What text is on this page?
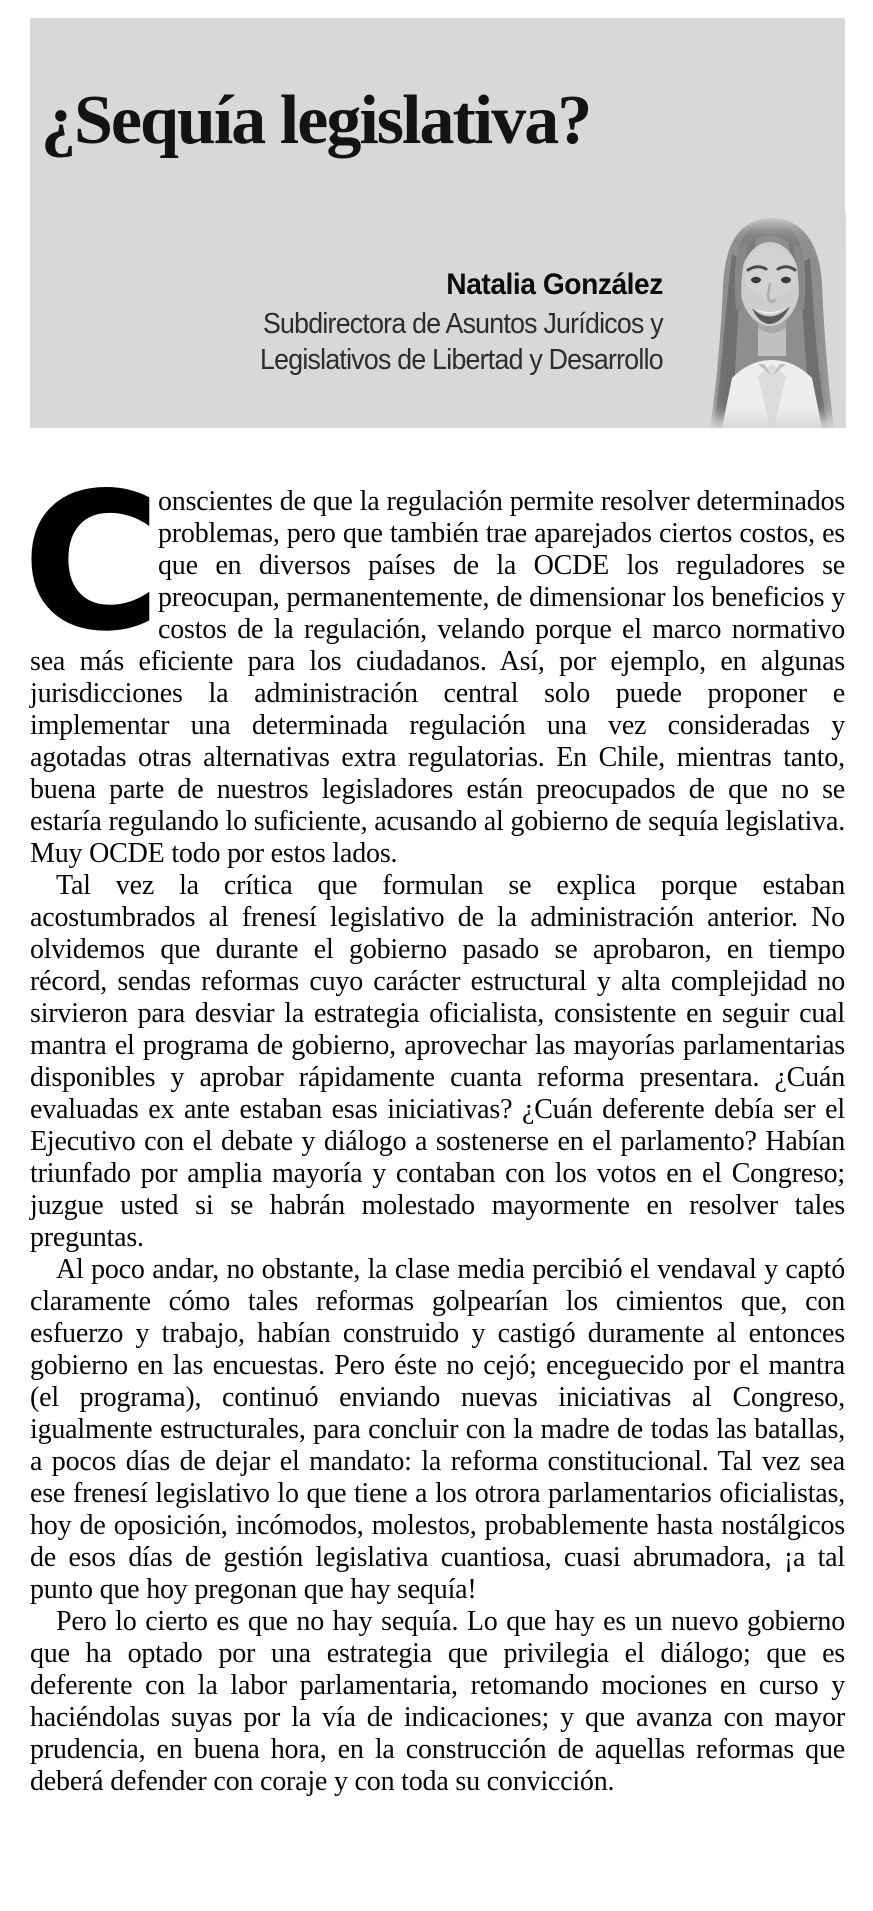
¿Sequía legislativa?
Natalia González
Subdirectora de Asuntos Jurídicos y
Legislativos de Libertad y Desarrollo

C
onscientes de que la regulación permite resolver determinados problemas, pero que también trae aparejados ciertos costos, es que en diversos países de la OCDE los reguladores se preocupan, permanentemente, de dimensionar los beneficios y costos de la regulación, velando porque el marco normativo sea más eficiente para los ciudadanos. Así, por ejemplo, en algunas jurisdicciones la administración central solo puede proponer e implementar una determinada regulación una vez consideradas y agotadas otras alternativas extra regulatorias. En Chile, mientras tanto, buena parte de nuestros legisladores están preocupados de que no se estaría regulando lo suficiente, acusando al gobierno de sequía legislativa. Muy OCDE todo por estos lados.

Tal vez la crítica que formulan se explica porque estaban acostumbrados al frenesí legislativo de la administración anterior. No olvidemos que durante el gobierno pasado se aprobaron, en tiempo récord, sendas reformas cuyo carácter estructural y alta complejidad no sirvieron para desviar la estrategia oficialista, consistente en seguir cual mantra el programa de gobierno, aprovechar las mayorías parlamentarias disponibles y aprobar rápidamente cuanta reforma presentara. ¿Cuán evaluadas ex ante estaban esas iniciativas? ¿Cuán deferente debía ser el Ejecutivo con el debate y diálogo a sostenerse en el parlamento? Habían triunfado por amplia mayoría y contaban con los votos en el Congreso; juzgue usted si se habrán molestado mayormente en resolver tales preguntas.

Al poco andar, no obstante, la clase media percibió el vendaval y captó claramente cómo tales reformas golpearían los cimientos que, con esfuerzo y trabajo, habían construido y castigó duramente al entonces gobierno en las encuestas. Pero éste no cejó; enceguecido por el mantra (el programa), continuó enviando nuevas iniciativas al Congreso, igualmente estructurales, para concluir con la madre de todas las batallas, a pocos días de dejar el mandato: la reforma constitucional. Tal vez sea ese frenesí legislativo lo que tiene a los otrora parlamentarios oficialistas, hoy de oposición, incómodos, molestos, probablemente hasta nostálgicos de esos días de gestión legislativa cuantiosa, cuasi abrumadora, ¡a tal punto que hoy pregonan que hay sequía!

Pero lo cierto es que no hay sequía. Lo que hay es un nuevo gobierno que ha optado por una estrategia que privilegia el diálogo; que es deferente con la labor parlamentaria, retomando mociones en curso y haciéndolas suyas por la vía de indicaciones; y que avanza con mayor prudencia, en buena hora, en la construcción de aquellas reformas que deberá defender con coraje y con toda su convicción.
